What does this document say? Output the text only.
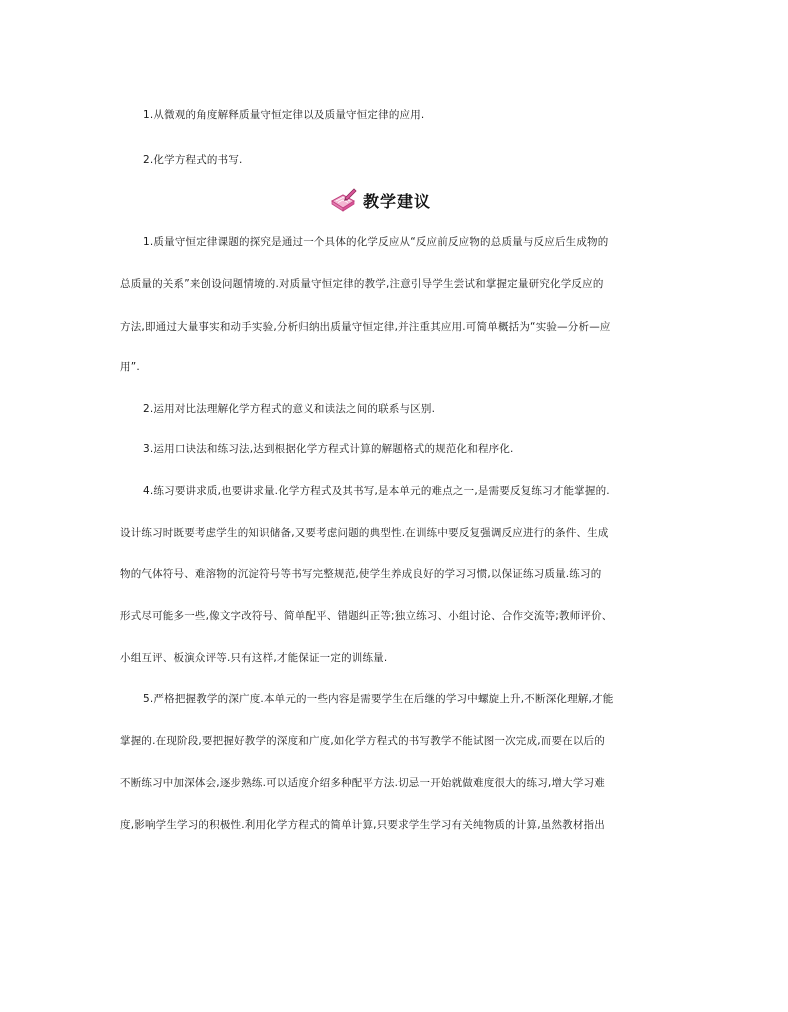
1.从微观的角度解释质量守恒定律以及质量守恒定律的应用.
2.化学方程式的书写.
教学建议
1.质量守恒定律课题的探究是通过一个具体的化学反应从“反应前反应物的总质量与反应后生成物的
总质量的关系”来创设问题情境的.对质量守恒定律的教学,注意引导学生尝试和掌握定量研究化学反应的
方法,即通过大量事实和动手实验,分析归纳出质量守恒定律,并注重其应用.可简单概括为“实验—分析—应
用”.
2.运用对比法理解化学方程式的意义和读法之间的联系与区别.
3.运用口诀法和练习法,达到根据化学方程式计算的解题格式的规范化和程序化.
4.练习要讲求质,也要讲求量.化学方程式及其书写,是本单元的难点之一,是需要反复练习才能掌握的.
设计练习时既要考虑学生的知识储备,又要考虑问题的典型性.在训练中要反复强调反应进行的条件、生成
物的气体符号、难溶物的沉淀符号等书写完整规范,使学生养成良好的学习习惯,以保证练习质量.练习的
形式尽可能多一些,像文字改符号、简单配平、错题纠正等;独立练习、小组讨论、合作交流等;教师评价、
小组互评、板演众评等.只有这样,才能保证一定的训练量.
5.严格把握教学的深广度.本单元的一些内容是需要学生在后继的学习中螺旋上升,不断深化理解,才能
掌握的.在现阶段,要把握好教学的深度和广度,如化学方程式的书写教学不能试图一次完成,而要在以后的
不断练习中加深体会,逐步熟练.可以适度介绍多种配平方法.切忌一开始就做难度很大的练习,增大学习难
度,影响学生学习的积极性.利用化学方程式的简单计算,只要求学生学习有关纯物质的计算,虽然教材指出
